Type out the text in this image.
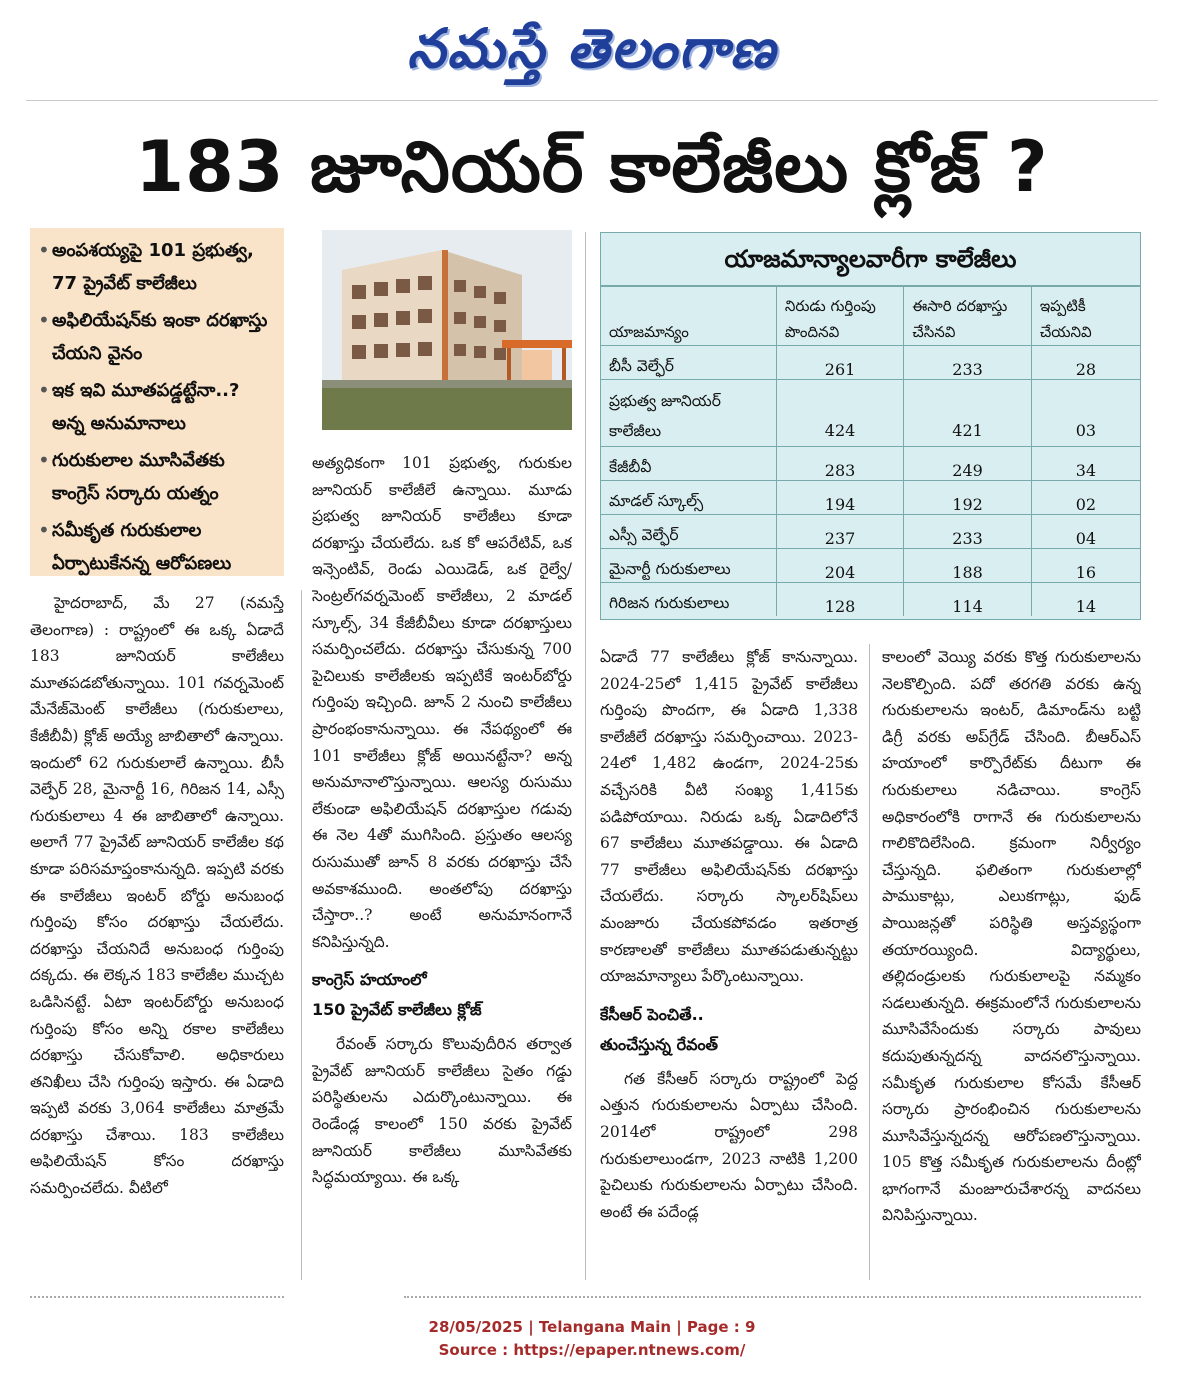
నమస్తే తెలంగాణ
183 జూనియర్ కాలేజీలు క్లోజ్ ?
• అంపశయ్యపై 101 ప్రభుత్వ, 77 ప్రైవేట్ కాలేజీలు
• అఫిలియేషన్‌కు ఇంకా దరఖాస్తు చేయని వైనం
• ఇక ఇవి మూతపడ్డట్టేనా..? అన్న అనుమానాలు
• గురుకులాల మూసివేతకు కాంగ్రెస్ సర్కారు యత్నం
• సమీకృత గురుకులాల ఏర్పాటుకేనన్న ఆరోపణలు

హైదరాబాద్, మే 27 (నమస్తే తెలంగాణ) : రాష్ట్రంలో ఈ ఒక్క ఏడాదే 183 జూనియర్ కాలేజీలు మూతపడబోతున్నాయి. 101 గవర్నమెంట్ మేనేజ్‌మెంట్ కాలేజీలు (గురుకులాలు, కేజీబీవీ) క్లోజ్ అయ్యే జాబితాలో ఉన్నాయి. ఇందులో 62 గురుకులాలే ఉన్నాయి. బీసీ వెల్ఫేర్ 28, మైనార్టీ 16, గిరిజన 14, ఎస్సీ గురుకులాలు 4 ఈ జాబితాలో ఉన్నాయి. అలాగే 77 ప్రైవేట్ జూనియర్ కాలేజీల కథ కూడా పరిసమాప్తంకానున్నది. ఇప్పటి వరకు ఈ కాలేజీలు ఇంటర్ బోర్డు అనుబంధ గుర్తింపు కోసం దరఖాస్తు చేయలేదు. దరఖాస్తు చేయనిదే అనుబంధ గుర్తింపు దక్కదు. ఈ లెక్కన 183 కాలేజీల ముచ్చట ఒడిసినట్టే. ఏటా ఇంటర్‌బోర్డు అనుబంధ గుర్తింపు కోసం అన్ని రకాల కాలేజీలు దరఖాస్తు చేసుకోవాలి. అధికారులు తనిఖీలు చేసి గుర్తింపు ఇస్తారు. ఈ ఏడాది ఇప్పటి వరకు 3,064 కాలేజీలు మాత్రమే దరఖాస్తు చేశాయి. 183 కాలేజీలు అఫిలియేషన్ కోసం దరఖాస్తు సమర్పించలేదు. వీటిలో

అత్యధికంగా 101 ప్రభుత్వ, గురుకుల జూనియర్ కాలేజీలే ఉన్నాయి. మూడు ప్రభుత్వ జూనియర్ కాలేజీలు కూడా దరఖాస్తు చేయలేదు. ఒక కో ఆపరేటివ్, ఒక ఇన్సెంటివ్, రెండు ఎయిడెడ్, ఒక రైల్వే/సెంట్రల్‌గవర్నమెంట్ కాలేజీలు, 2 మాడల్ స్కూల్స్, 34 కేజీబీవీలు కూడా దరఖాస్తులు సమర్పించలేదు. దరఖాస్తు చేసుకున్న 700 పైచిలుకు కాలేజీలకు ఇప్పటికే ఇంటర్‌బోర్డు గుర్తింపు ఇచ్చింది. జూన్ 2 నుంచి కాలేజీలు ప్రారంభంకానున్నాయి. ఈ నేపథ్యంలో ఈ 101 కాలేజీలు క్లోజ్ అయినట్టేనా? అన్న అనుమానాలొస్తున్నాయి. ఆలస్య రుసుము లేకుండా అఫిలియేషన్ దరఖాస్తుల గడువు ఈ నెల 4తో ముగిసింది. ప్రస్తుతం ఆలస్య రుసుముతో జూన్ 8 వరకు దరఖాస్తు చేసే అవకాశముంది. అంతలోపు దరఖాస్తు చేస్తారా..? అంటే అనుమానంగానే కనిపిస్తున్నది.

కాంగ్రెస్ హయాంలో
150 ప్రైవేట్ కాలేజీలు క్లోజ్

రేవంత్ సర్కారు కొలువుదీరిన తర్వాత ప్రైవేట్ జూనియర్ కాలేజీలు సైతం గడ్డు పరిస్థితులను ఎదుర్కొంటున్నాయి. ఈ రెండేండ్ల కాలంలో 150 వరకు ప్రైవేట్ జూనియర్ కాలేజీలు మూసివేతకు సిద్ధమయ్యాయి. ఈ ఒక్క

యాజమాన్యాలవారీగా కాలేజీలు
యాజమాన్యం	నిరుడు గుర్తింపు పొందినవి	ఈసారి దరఖాస్తు చేసినవి	ఇప్పటికీ చేయనివి
బీసీ వెల్ఫేర్	261	233	28
ప్రభుత్వ జూనియర్ కాలేజీలు	424	421	03
కేజీబీవీ	283	249	34
మాడల్ స్కూల్స్	194	192	02
ఎస్సీ వెల్ఫేర్	237	233	04
మైనార్టీ గురుకులాలు	204	188	16
గిరిజన గురుకులాలు	128	114	14

ఏడాదే 77 కాలేజీలు క్లోజ్ కానున్నాయి. 2024-25లో 1,415 ప్రైవేట్ కాలేజీలు గుర్తింపు పొందగా, ఈ ఏడాది 1,338 కాలేజీలే దరఖాస్తు సమర్పించాయి. 2023-24లో 1,482 ఉండగా, 2024-25కు వచ్చేసరికి వీటి సంఖ్య 1,415కు పడిపోయాయి. నిరుడు ఒక్క ఏడాదిలోనే 67 కాలేజీలు మూతపడ్డాయి. ఈ ఏడాది 77 కాలేజీలు అఫిలియేషన్‌కు దరఖాస్తు చేయలేదు. సర్కారు స్కాలర్‌షిప్‌లు మంజూరు చేయకపోవడం ఇతరాత్ర కారణాలతో కాలేజీలు మూతపడుతున్నట్టు యాజమాన్యాలు పేర్కొంటున్నాయి.

కేసీఆర్ పెంచితే..
తుంచేస్తున్న రేవంత్

గత కేసీఆర్ సర్కారు రాష్ట్రంలో పెద్ద ఎత్తున గురుకులాలను ఏర్పాటు చేసింది. 2014లో రాష్ట్రంలో 298 గురుకులాలుండగా, 2023 నాటికి 1,200 పైచిలుకు గురుకులాలను ఏర్పాటు చేసింది. అంటే ఈ పదేండ్ల

కాలంలో వెయ్యి వరకు కొత్త గురుకులాలను నెలకొల్పింది. పదో తరగతి వరకు ఉన్న గురుకులాలను ఇంటర్, డిమాండ్‌ను బట్టి డిగ్రీ వరకు అప్‌గ్రేడ్ చేసింది. బీఆర్‌ఎస్ హయాంలో కార్పొరేట్‌కు దీటుగా ఈ గురుకులాలు నడిచాయి. కాంగ్రెస్ అధికారంలోకి రాగానే ఈ గురుకులాలను గాలికొదిలేసింది. క్రమంగా నిర్వీర్యం చేస్తున్నది. ఫలితంగా గురుకులాల్లో పాముకాట్లు, ఎలుకగాట్లు, ఫుడ్ పాయిజన్లతో పరిస్థితి అస్తవ్యస్థంగా తయారయ్యింది. విద్యార్థులు, తల్లిదండ్రులకు గురుకులాలపై నమ్మకం సడలుతున్నది. ఈక్రమంలోనే గురుకులాలను మూసివేసేందుకు సర్కారు పావులు కదుపుతున్నదన్న వాదనలొస్తున్నాయి. సమీకృత గురుకులాల కోసమే కేసీఆర్ సర్కారు ప్రారంభించిన గురుకులాలను మూసివేస్తున్నదన్న ఆరోపణలొస్తున్నాయి. 105 కొత్త సమీకృత గురుకులాలను దీంట్లో భాగంగానే మంజూరుచేశారన్న వాదనలు వినిపిస్తున్నాయి.

28/05/2025 | Telangana Main | Page : 9
Source : https://epaper.ntnews.com/
